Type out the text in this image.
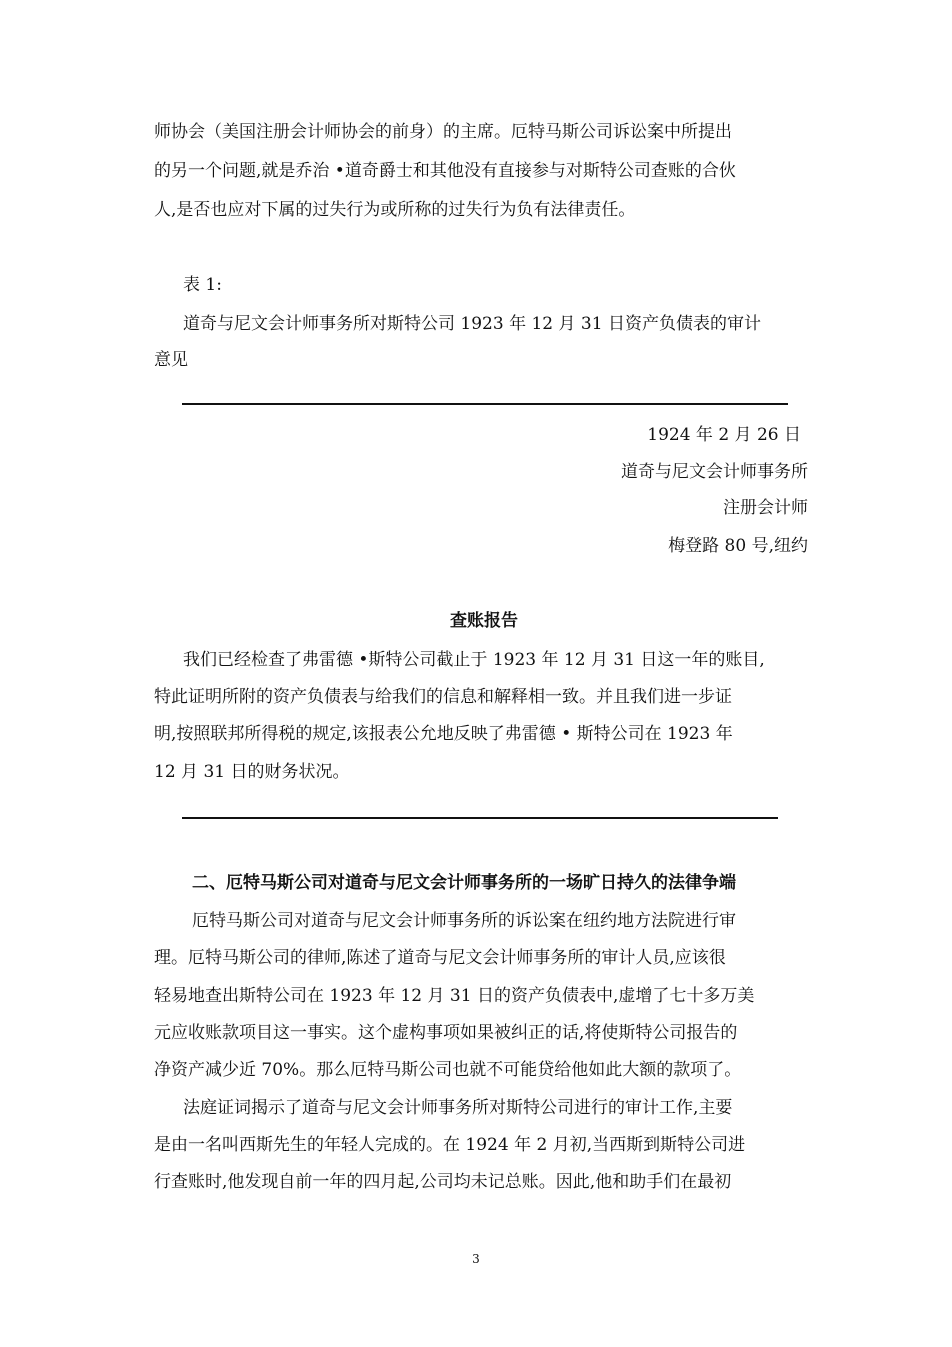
师协会（美国注册会计师协会的前身）的主席。厄特马斯公司诉讼案中所提出
的另一个问题,就是乔治 •道奇爵士和其他没有直接参与对斯特公司查账的合伙
人,是否也应对下属的过失行为或所称的过失行为负有法律责任。
表 1:
道奇与尼文会计师事务所对斯特公司 1923 年 12 月 31 日资产负债表的审计
意见
1924 年 2 月 26 日
道奇与尼文会计师事务所
注册会计师
梅登路 80 号,纽约
查账报告
我们已经检查了弗雷德 •斯特公司截止于 1923 年 12 月 31 日这一年的账目,
特此证明所附的资产负债表与给我们的信息和解释相一致。并且我们进一步证
明,按照联邦所得税的规定,该报表公允地反映了弗雷德 • 斯特公司在 1923 年
12 月 31 日的财务状况。
二、厄特马斯公司对道奇与尼文会计师事务所的一场旷日持久的法律争端
厄特马斯公司对道奇与尼文会计师事务所的诉讼案在纽约地方法院进行审
理。厄特马斯公司的律师,陈述了道奇与尼文会计师事务所的审计人员,应该很
轻易地查出斯特公司在 1923 年 12 月 31 日的资产负债表中,虚增了七十多万美
元应收账款项目这一事实。这个虚构事项如果被纠正的话,将使斯特公司报告的
净资产减少近 70%。那么厄特马斯公司也就不可能贷给他如此大额的款项了。
法庭证词揭示了道奇与尼文会计师事务所对斯特公司进行的审计工作,主要
是由一名叫西斯先生的年轻人完成的。在 1924 年 2 月初,当西斯到斯特公司进
行查账时,他发现自前一年的四月起,公司均未记总账。因此,他和助手们在最初
3
